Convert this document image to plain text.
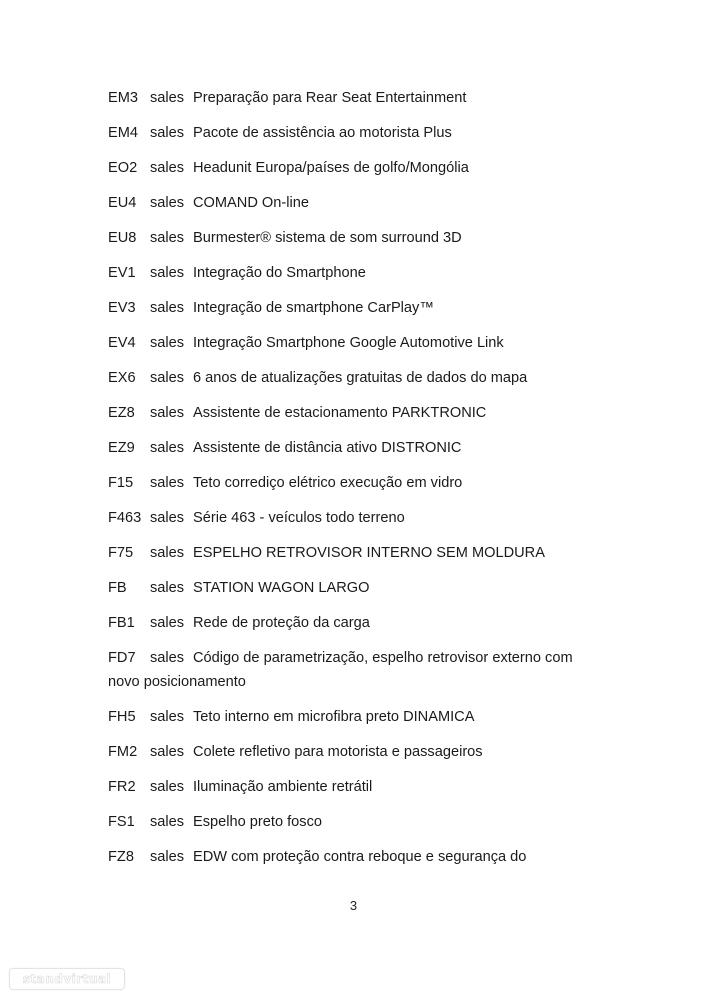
EM3 sales Preparação para Rear Seat Entertainment
EM4 sales Pacote de assistência ao motorista Plus
EO2 sales Headunit Europa/países de golfo/Mongólia
EU4 sales COMAND On-line
EU8 sales Burmester® sistema de som surround 3D
EV1 sales Integração do Smartphone
EV3 sales Integração de smartphone CarPlay™
EV4 sales Integração Smartphone Google Automotive Link
EX6 sales 6 anos de atualizações gratuitas de dados do mapa
EZ8 sales Assistente de estacionamento PARKTRONIC
EZ9 sales Assistente de distância ativo DISTRONIC
F15 sales Teto corrediço elétrico execução em vidro
F463 sales Série 463 - veículos todo terreno
F75 sales ESPELHO RETROVISOR INTERNO SEM MOLDURA
FB sales STATION WAGON LARGO
FB1 sales Rede de proteção da carga
FD7 sales Código de parametrização, espelho retrovisor externo com novo posicionamento
FH5 sales Teto interno em microfibra preto DINAMICA
FM2 sales Colete refletivo para motorista e passageiros
FR2 sales Iluminação ambiente retrátil
FS1 sales Espelho preto fosco
FZ8 sales EDW com proteção contra reboque e segurança do
3
standvirtual
